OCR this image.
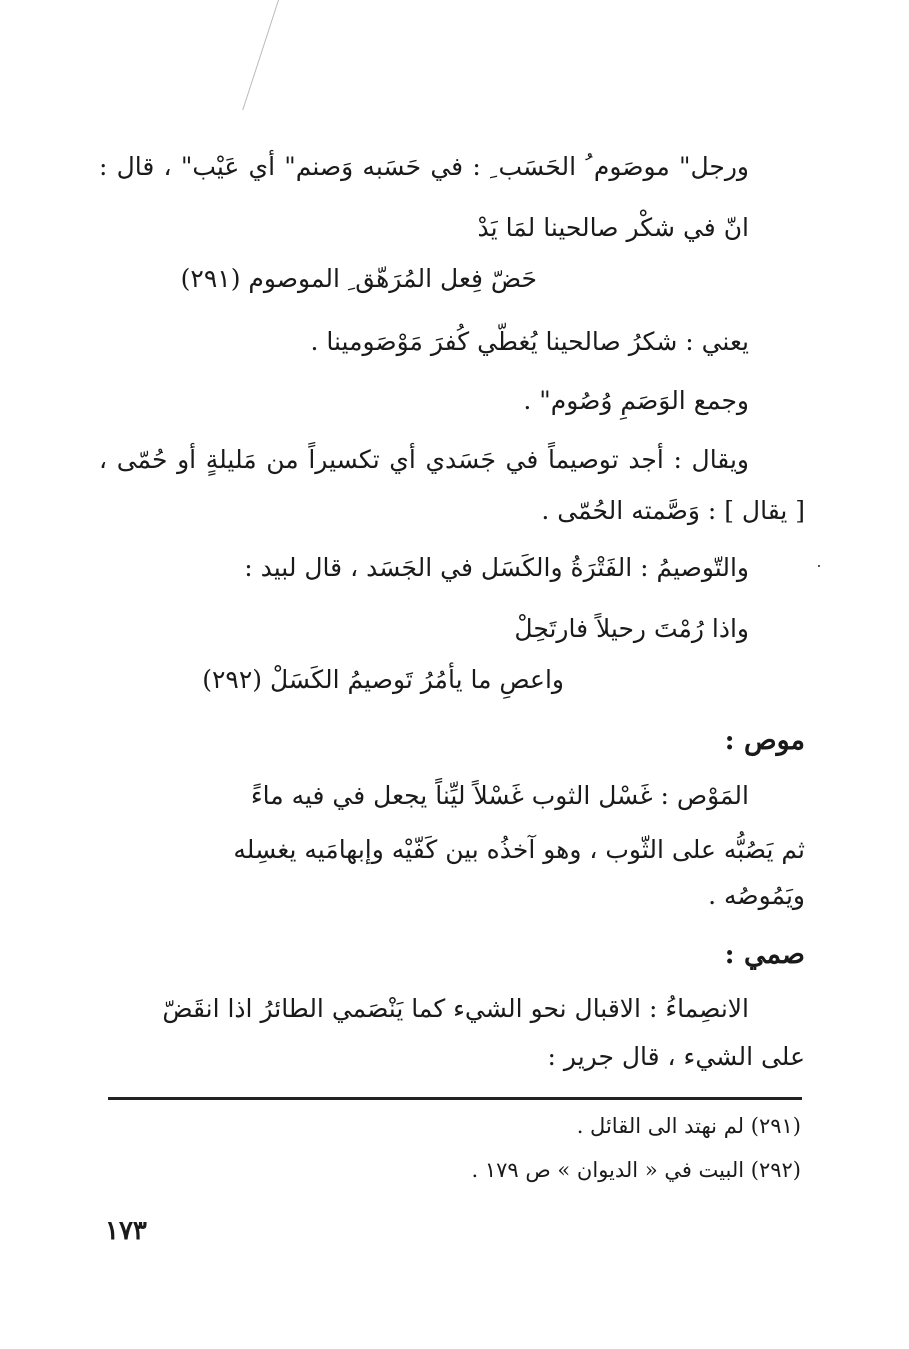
ورجل" موصَوم ُ الحَسَب ِ : في حَسَبه وَصنم" أي عَيْب" ، قال :
انّ في شكْر صالحينا لمَا يَدْ
حَضّ فِعل المُرَهّق ِ الموصوم (٢٩١)
يعني : شكرُ صالحينا يُغطّي كُفرَ مَوْصَومينا .
وجمع الوَصَمِ وُصُوم" .
ويقال : أجد توصيماً في جَسَدي أي تكسيراً من مَليلةٍ أو حُمّى ،
[ يقال ] : وَصَّمته الحُمّى .
والتّوصيمُ : الفَتْرَةُ والكَسَل في الجَسَد ، قال لبيد :
واذا رُمْتَ رحيلاً فارتَحِلْ
واعصِ ما يأمُرُ تَوصيمُ الكَسَلْ (٢٩٢)
موص :
المَوْص : غَسْل الثوب غَسْلاً ليِّناً يجعل في فيه ماءً
ثم يَصُبُّه على الثّوب ، وهو آخذُه بين كَفّيْه وإبهامَيه يغسِله
ويَمُوصُه .
صمي :
الانصِماءُ : الاقبال نحو الشيء كما يَنْصَمي الطائرُ اذا انقَضّ
على الشيء ، قال جرير :
(٢٩١) لم نهتد الى القائل .
(٢٩٢) البيت في « الديوان » ص ١٧٩ .
١٧٣
